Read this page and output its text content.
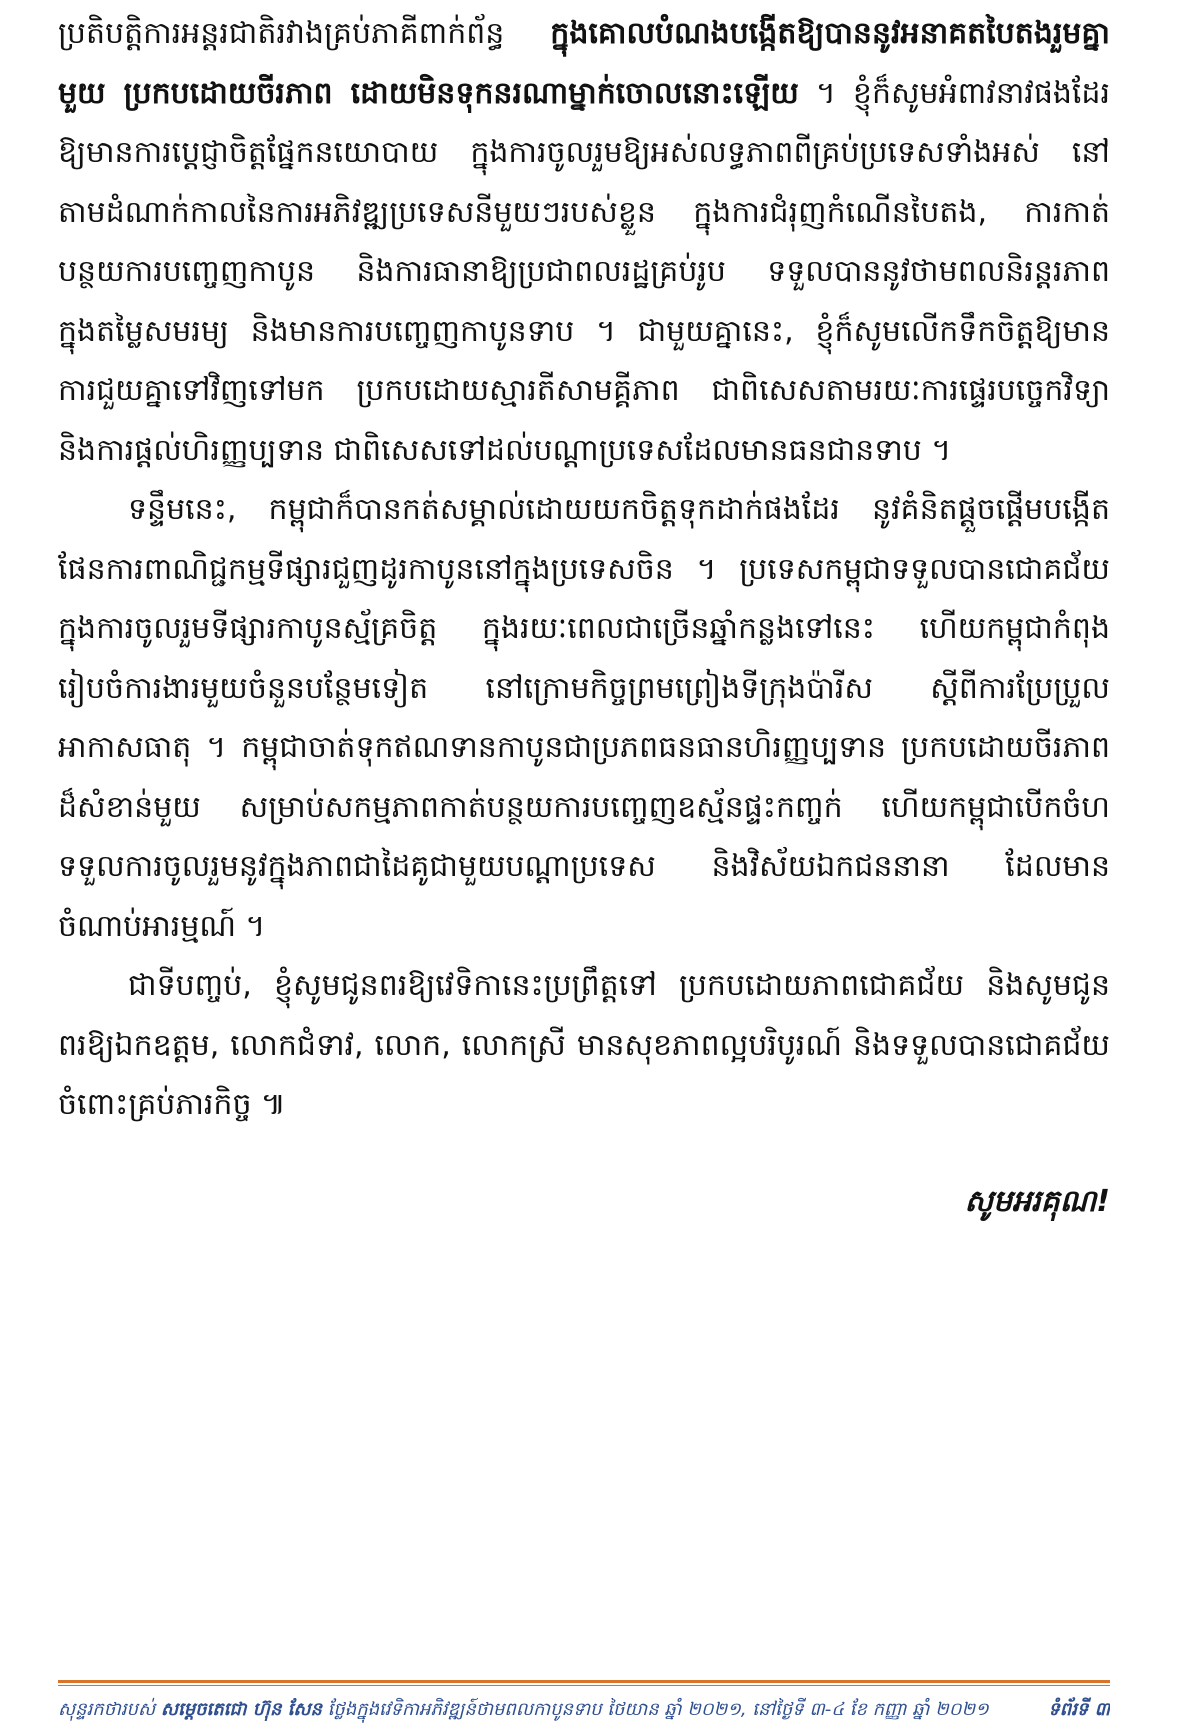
ប្រតិបត្តិការអន្តរជាតិរវាងគ្រប់ភាគីពាក់ព័ន្ធ ក្នុងគោលបំណងបង្កើតឱ្យបាននូវអនាគតបៃតងរួមគ្នា
មួយ ប្រកបដោយចីរភាព ដោយមិនទុកនរណាម្នាក់ចោលនោះឡើយ ។ ខ្ញុំក៏សូមអំពាវនាវផងដែរ
ឱ្យមានការប្ដេជ្ញាចិត្តផ្នែកនយោបាយ ក្នុងការចូលរួមឱ្យអស់លទ្ធភាពពីគ្រប់ប្រទេសទាំងអស់ នៅ
តាមដំណាក់កាលនៃការអភិវឌ្ឍប្រទេសនីមួយៗរបស់ខ្លួន ក្នុងការជំរុញកំណើនបៃតង, ការកាត់
បន្ថយការបញ្ចេញកាបូន និងការធានាឱ្យប្រជាពលរដ្ឋគ្រប់រូប ទទួលបាននូវថាមពលនិរន្តរភាព
ក្នុងតម្លៃសមរម្យ និងមានការបញ្ចេញកាបូនទាប ។ ជាមួយគ្នានេះ, ខ្ញុំក៏សូមលើកទឹកចិត្តឱ្យមាន
ការជួយគ្នាទៅវិញទៅមក ប្រកបដោយស្មារតីសាមគ្គីភាព ជាពិសេសតាមរយៈការផ្ទេរបច្ចេកវិទ្យា
និងការផ្តល់ហិរញ្ញប្បទាន ជាពិសេសទៅដល់បណ្តាប្រទេសដែលមានធនជានទាប ។
ទន្ទឹមនេះ, កម្ពុជាក៏បានកត់សម្គាល់ដោយយកចិត្តទុកដាក់ផងដែរ នូវគំនិតផ្តួចផ្តើមបង្កើត
ផែនការពាណិជ្ជកម្មទីផ្សារជួញដូរកាបូននៅក្នុងប្រទេសចិន ។ ប្រទេសកម្ពុជាទទួលបានជោគជ័យ
ក្នុងការចូលរួមទីផ្សារកាបូនស្ម័គ្រចិត្ត ក្នុងរយៈពេលជាច្រើនឆ្នាំកន្លងទៅនេះ ហើយកម្ពុជាកំពុង
រៀបចំការងារមួយចំនួនបន្ថែមទៀត នៅក្រោមកិច្ចព្រមព្រៀងទីក្រុងប៉ារីស ស្តីពីការប្រែប្រួល
អាកាសធាតុ ។ កម្ពុជាចាត់ទុកឥណទានកាបូនជាប្រភពធនធានហិរញ្ញប្បទាន ប្រកបដោយចីរភាព
ដ៏សំខាន់មួយ សម្រាប់សកម្មភាពកាត់បន្ថយការបញ្ចេញឧស្ម័នផ្ទះកញ្ចក់ ហើយកម្ពុជាបើកចំហ
ទទួលការចូលរួមនូវក្នុងភាពជាដៃគូជាមួយបណ្តាប្រទេស និងវិស័យឯកជននានា ដែលមាន
ចំណាប់អារម្មណ៍ ។
ជាទីបញ្ចប់, ខ្ញុំសូមជូនពរឱ្យវេទិកានេះប្រព្រឹត្តទៅ ប្រកបដោយភាពជោគជ័យ និងសូមជូន
ពរឱ្យឯកឧត្តម, លោកជំទាវ, លោក, លោកស្រី មានសុខភាពល្អបរិបូរណ៍ និងទទួលបានជោគជ័យ
ចំពោះគ្រប់ភារកិច្ច ៕
សូមអរគុណ!
សុន្ទរកថារបស់ សម្តេចតេជោ ហ៊ុន សែន ថ្លែងក្នុងវេទិកាអភិវឌ្ឍន៍ថាមពលកាបូនទាប ថៃយាន ឆ្នាំ ២០២១, នៅថ្ងៃទី ៣-៤ ខែ កញ្ញា ឆ្នាំ ២០២១	ទំព័រទី ៣
